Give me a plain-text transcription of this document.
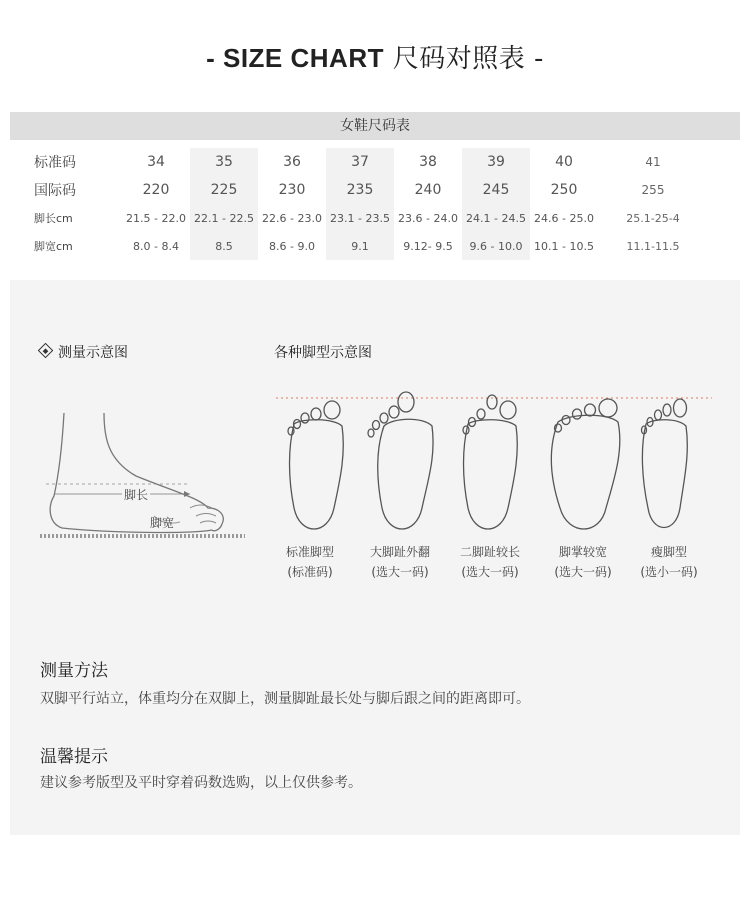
- SIZE CHART 尺码对照表 -
女鞋尺码表
标准码	34	35	36	37	38	39	40	41
国际码	220	225	230	235	240	245	250	255
脚长cm	21.5 - 22.0	22.1 - 22.5	22.6 - 23.0	23.1 - 23.5	23.6 - 24.0	24.1 - 24.5	24.6 - 25.0	25.1-25-4
脚宽cm	8.0 - 8.4	8.5	8.6 - 9.0	9.1	9.12- 9.5	9.6 - 10.0	10.1 - 10.5	11.1-11.5
测量示意图
脚长
脚宽
各种脚型示意图
标准脚型
(标准码)
大脚趾外翻
(选大一码)
二脚趾较长
(选大一码)
脚掌较宽
(选大一码)
瘦脚型
(选小一码)
测量方法
双脚平行站立，体重均分在双脚上，测量脚趾最长处与脚后跟之间的距离即可。
温馨提示
建议参考版型及平时穿着码数选购，以上仅供参考。
